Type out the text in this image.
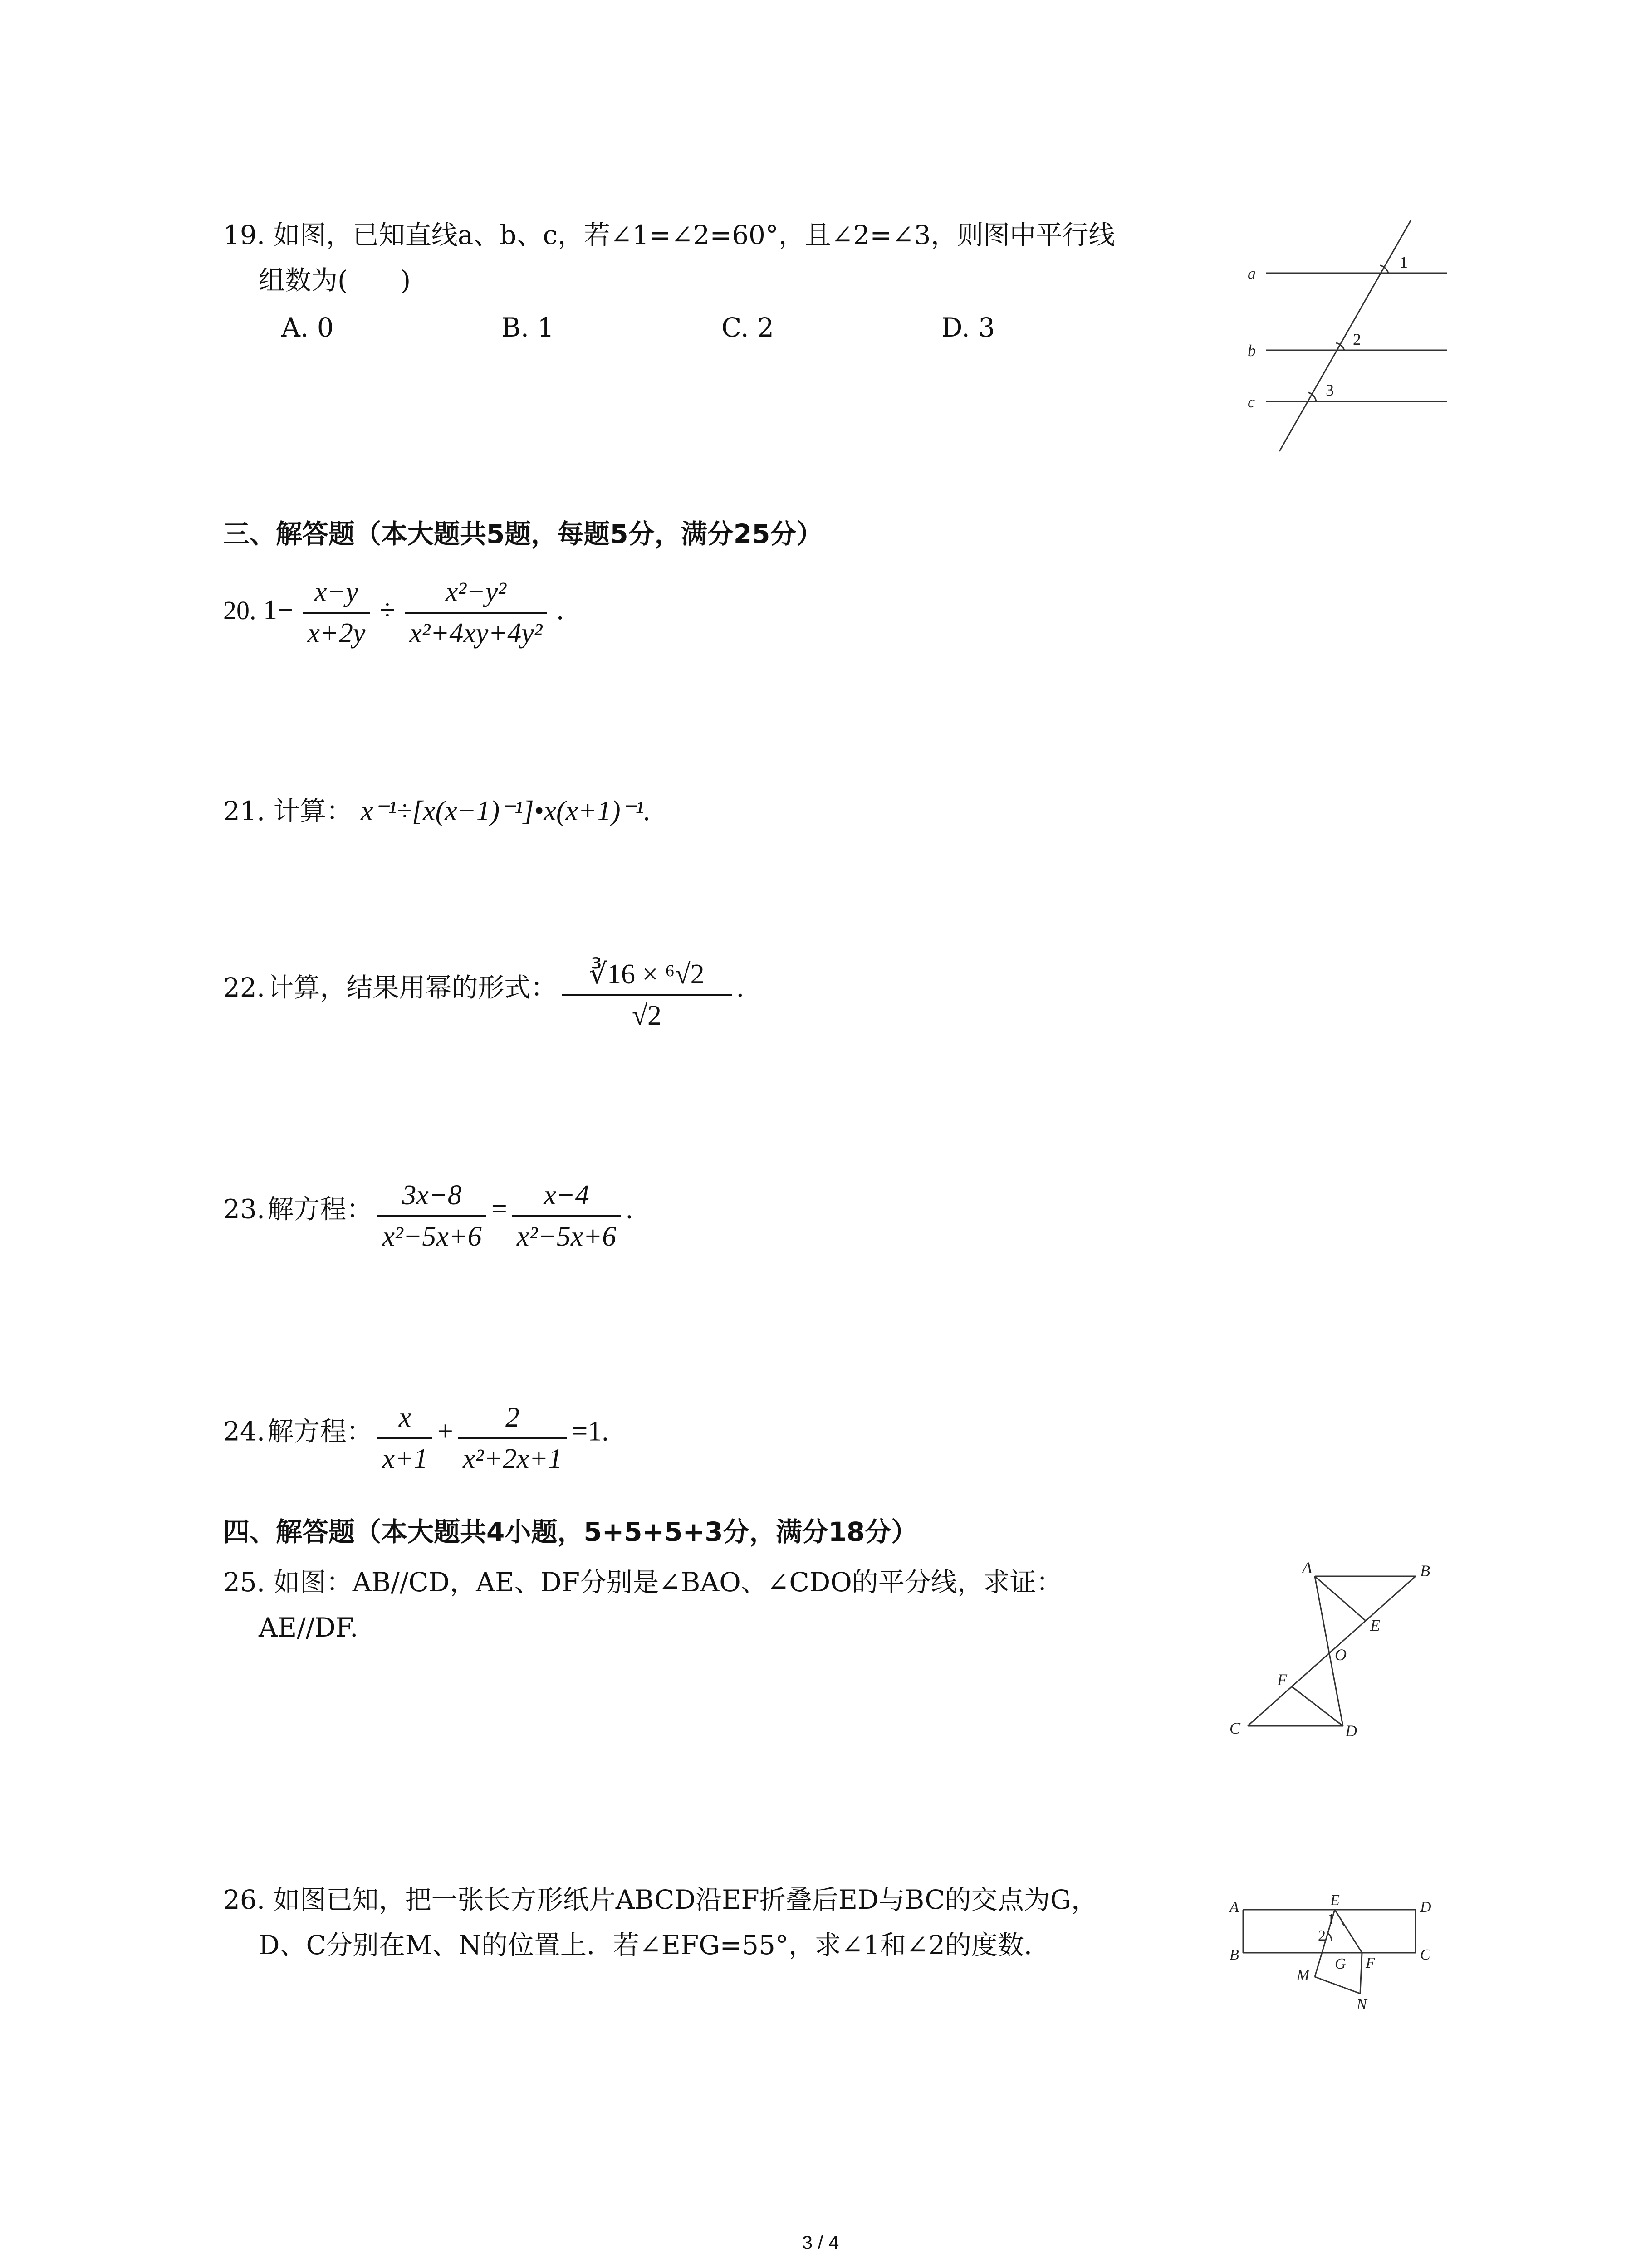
19. 如图，已知直线a、b、c，若∠1=∠2=60°，且∠2=∠3，则图中平行线
组数为(　　)
A. 0	B. 1	C. 2	D. 3
a
b
c
1
2
3
三、解答题（本大题共5题，每题5分，满分25分）
20. $1- \frac{x-y}{x+2y} \div \frac{\text{x²−y²}}{\text{x²+4xy+4y²}}$ .
21. 计算： x⁻¹÷[x(x−1)⁻¹]•x(x+1)⁻¹.
22. 计算，结果用幂的形式： $\frac{\text{∛16 × ⁶√2}}{√2}$ .
23. 解方程： $\frac{3x-8}{\text{x²−5x+6}} = \frac{x-4}{\text{x²−5x+6}}$ .
24. 解方程： $\frac{x}{x+1} + \frac{2}{\text{x²+2x+1}} =1$.
四、解答题（本大题共4小题，5+5+5+3分，满分18分）
25. 如图：AB//CD，AE、DF分别是∠BAO、∠CDO的平分线，求证：
AE//DF.
A	B
C	D
E
F
O
26. 如图已知，把一张长方形纸片ABCD沿EF折叠后ED与BC的交点为G，
D、C分别在M、N的位置上．若∠EFG=55°，求∠1和∠2的度数．
A
B	C
D
E
F
G
M
N
1
2
3 / 4
